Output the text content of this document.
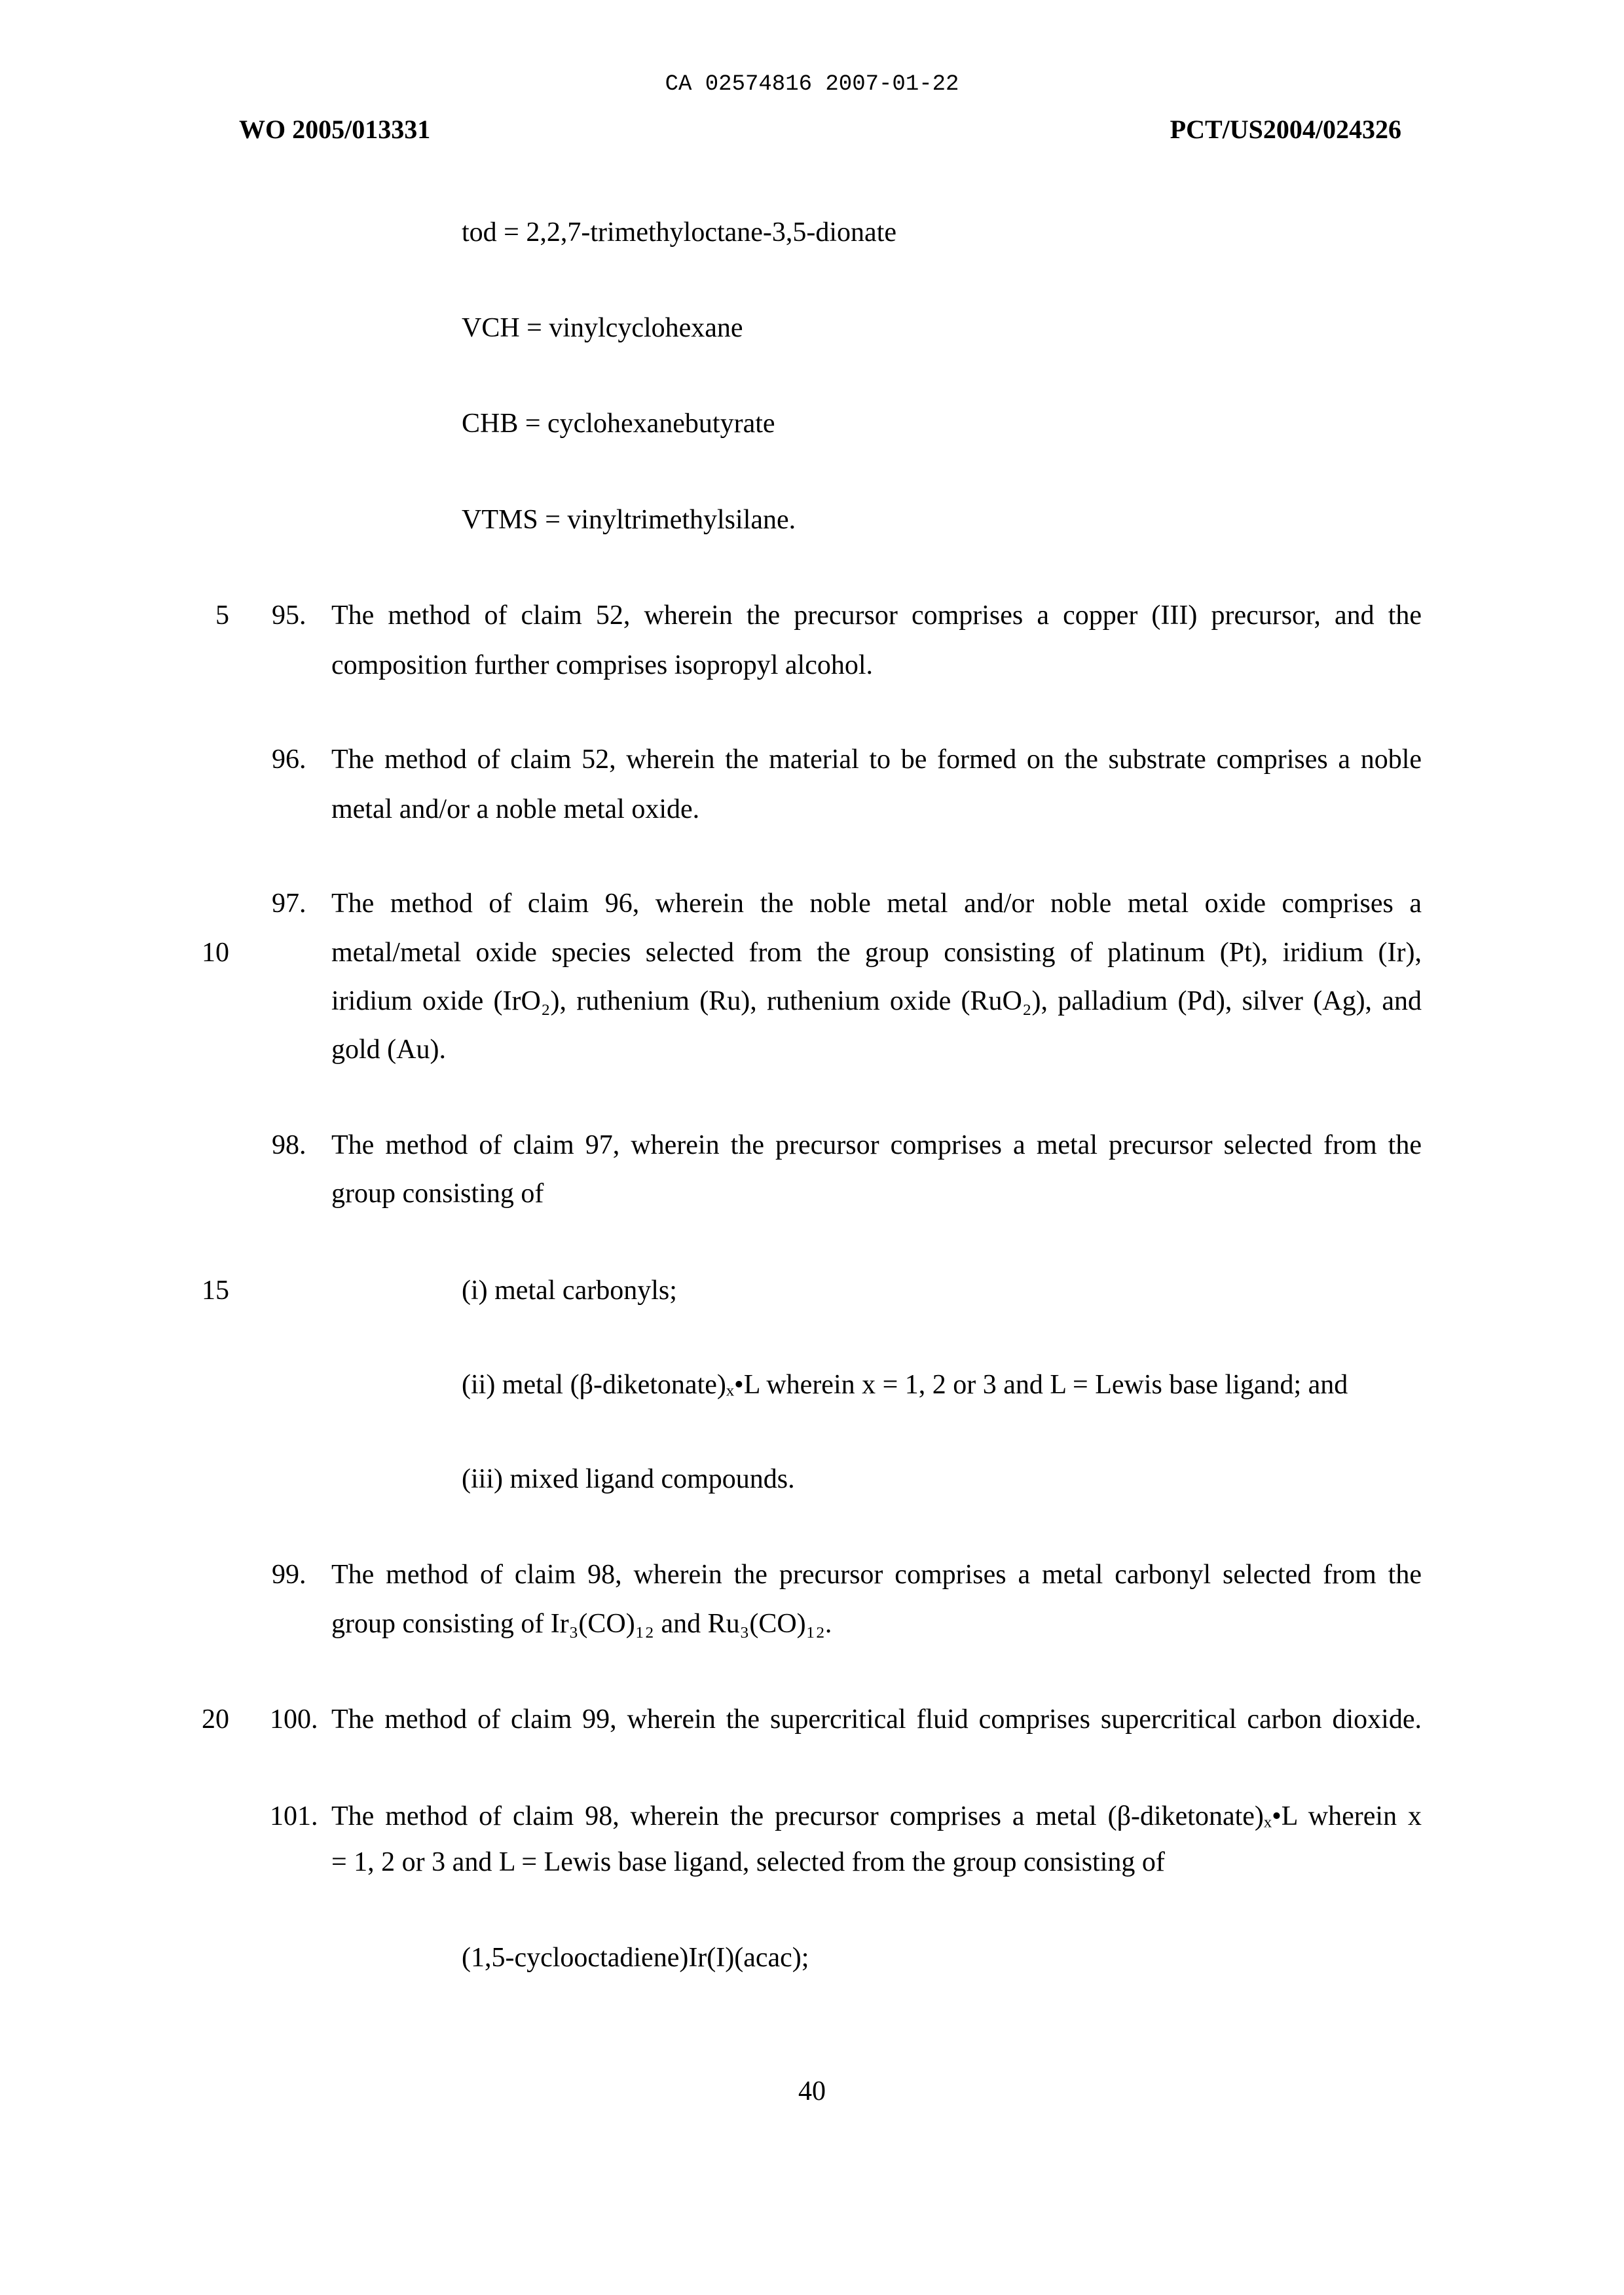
CA 02574816 2007-01-22
WO 2005/013331	PCT/US2004/024326
tod = 2,2,7-trimethyloctane-3,5-dionate
VCH = vinylcyclohexane
CHB = cyclohexanebutyrate
VTMS = vinyltrimethylsilane.
5
10
15
20
95. The method of claim 52, wherein the precursor comprises a copper (III) precursor, and the
composition further comprises isopropyl alcohol.
96. The method of claim 52, wherein the material to be formed on the substrate comprises a noble
metal and/or a noble metal oxide.
97. The method of claim 96, wherein the noble metal and/or noble metal oxide comprises a
metal/metal oxide species selected from the group consisting of platinum (Pt), iridium (Ir),
iridium oxide (IrO₂), ruthenium (Ru), ruthenium oxide (RuO₂), palladium (Pd), silver (Ag), and
gold (Au).
98. The method of claim 97, wherein the precursor comprises a metal precursor selected from the
group consisting of
(i) metal carbonyls;
(ii) metal (β-diketonate)ₓ•L wherein x = 1, 2 or 3 and L = Lewis base ligand; and
(iii) mixed ligand compounds.
99. The method of claim 98, wherein the precursor comprises a metal carbonyl selected from the
group consisting of Ir₃(CO)₁₂ and Ru₃(CO)₁₂.
100. The method of claim 99, wherein the supercritical fluid comprises supercritical carbon dioxide.
101. The method of claim 98, wherein the precursor comprises a metal (β-diketonate)ₓ•L wherein x
= 1, 2 or 3 and L = Lewis base ligand, selected from the group consisting of
(1,5-cyclooctadiene)Ir(I)(acac);
40
